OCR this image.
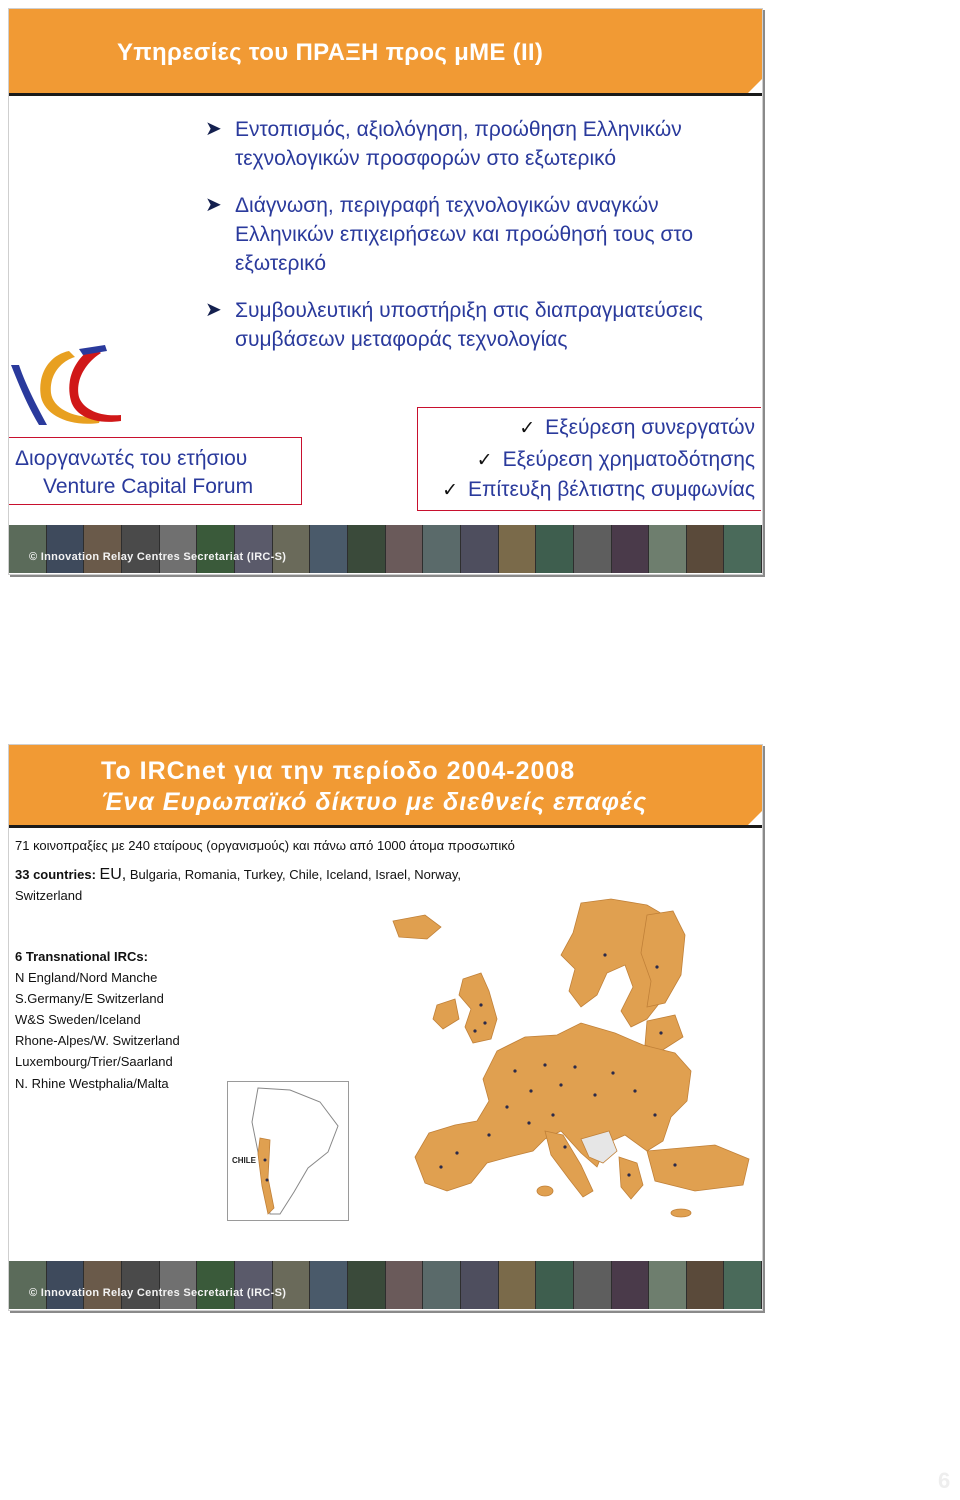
Υπηρεσίες του ΠΡΑΞΗ προς μΜΕ (ΙΙ)
➤ Εντοπισμός, αξιολόγηση, προώθηση Ελληνικών
τεχνολογικών προσφορών στο εξωτερικό
➤ Διάγνωση, περιγραφή τεχνολογικών αναγκών
Ελληνικών επιχειρήσεων και προώθησή τους στο
εξωτερικό
➤ Συμβουλευτική υποστήριξη στις διαπραγματεύσεις
συμβάσεων μεταφοράς τεχνολογίας
Διοργανωτές του ετήσιου
Venture Capital Forum
✓ Εξεύρεση συνεργατών
✓ Εξεύρεση χρηματοδότησης
✓ Επίτευξη βέλτιστης συμφωνίας
© Innovation Relay Centres Secretariat (IRC-S)
Το IRCnet για την περίοδο 2004-2008
Ένα Ευρωπαϊκό δίκτυο με διεθνείς επαφές
71 κοινοπραξίες με 240 εταίρους (οργανισμούς) και πάνω από 1000 άτομα προσωπικό
33 countries: EU, Bulgaria, Romania, Turkey, Chile, Iceland, Israel, Norway,
Switzerland
6 Transnational IRCs:
N England/Nord Manche
S.Germany/E Switzerland
W&S Sweden/Iceland
Rhone-Alpes/W. Switzerland
Luxembourg/Trier/Saarland
N. Rhine Westphalia/Malta
CHILE
© Innovation Relay Centres Secretariat (IRC-S)
6
